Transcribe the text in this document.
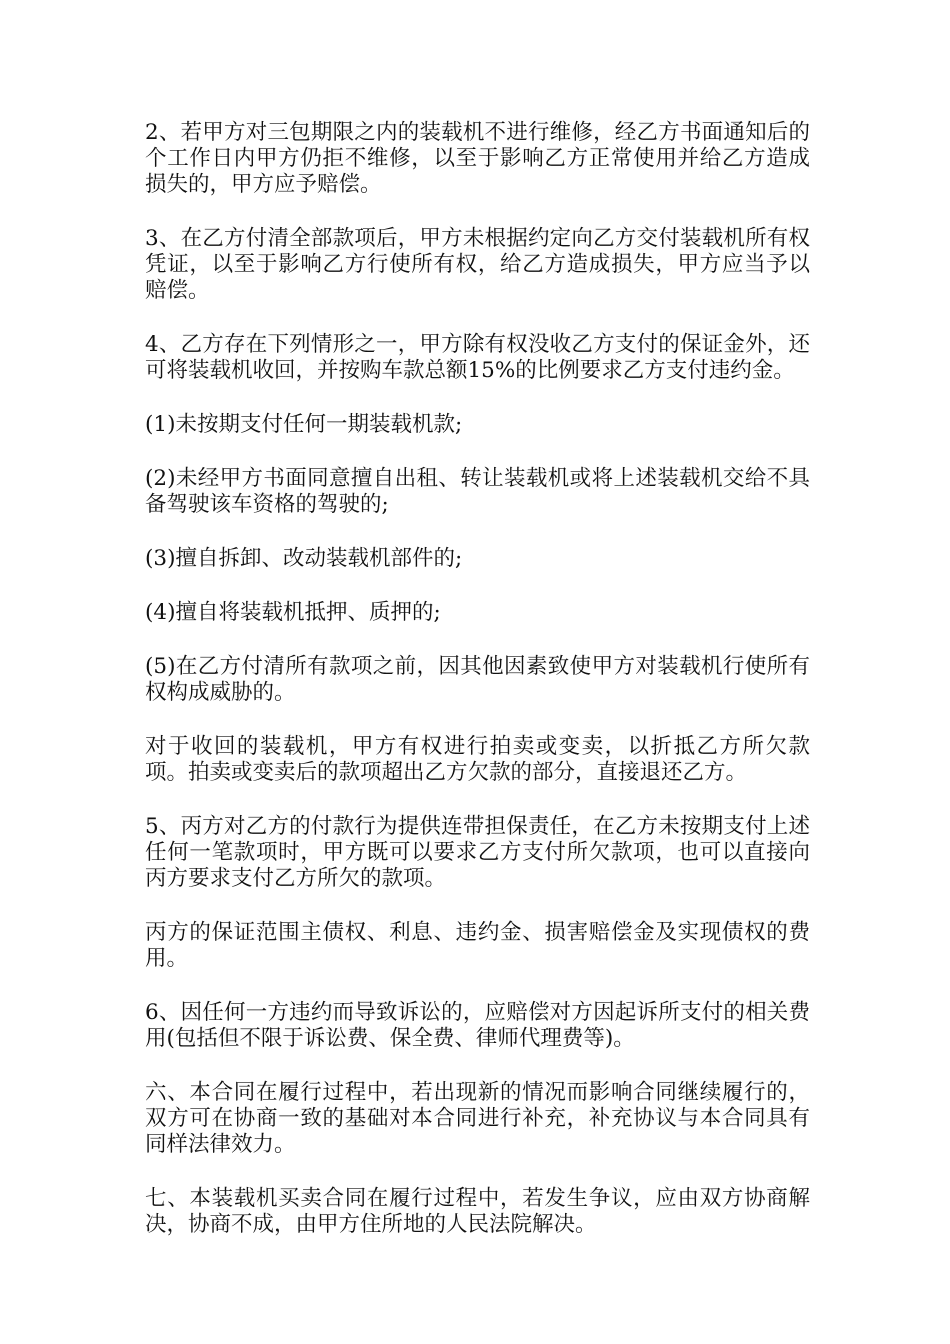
2、若甲方对三包期限之内的装载机不进行维修，经乙方书面通知后的 个工作日内甲方仍拒不维修，以至于影响乙方正常使用并给乙方造成损失的，甲方应予赔偿。

3、在乙方付清全部款项后，甲方未根据约定向乙方交付装载机所有权凭证，以至于影响乙方行使所有权，给乙方造成损失，甲方应当予以赔偿。

4、乙方存在下列情形之一，甲方除有权没收乙方支付的保证金外，还可将装载机收回，并按购车款总额15%的比例要求乙方支付违约金。

(1)未按期支付任何一期装载机款;

(2)未经甲方书面同意擅自出租、转让装载机或将上述装载机交给不具备驾驶该车资格的驾驶的;

(3)擅自拆卸、改动装载机部件的;

(4)擅自将装载机抵押、质押的;

(5)在乙方付清所有款项之前，因其他因素致使甲方对装载机行使所有权构成威胁的。

对于收回的装载机，甲方有权进行拍卖或变卖，以折抵乙方所欠款项。拍卖或变卖后的款项超出乙方欠款的部分，直接退还乙方。

5、丙方对乙方的付款行为提供连带担保责任，在乙方未按期支付上述任何一笔款项时，甲方既可以要求乙方支付所欠款项，也可以直接向丙方要求支付乙方所欠的款项。

丙方的保证范围主债权、利息、违约金、损害赔偿金及实现债权的费用。

6、因任何一方违约而导致诉讼的，应赔偿对方因起诉所支付的相关费用(包括但不限于诉讼费、保全费、律师代理费等)。

六、本合同在履行过程中，若出现新的情况而影响合同继续履行的，双方可在协商一致的基础对本合同进行补充，补充协议与本合同具有同样法律效力。

七、本装载机买卖合同在履行过程中，若发生争议，应由双方协商解决，协商不成，由甲方住所地的人民法院解决。
